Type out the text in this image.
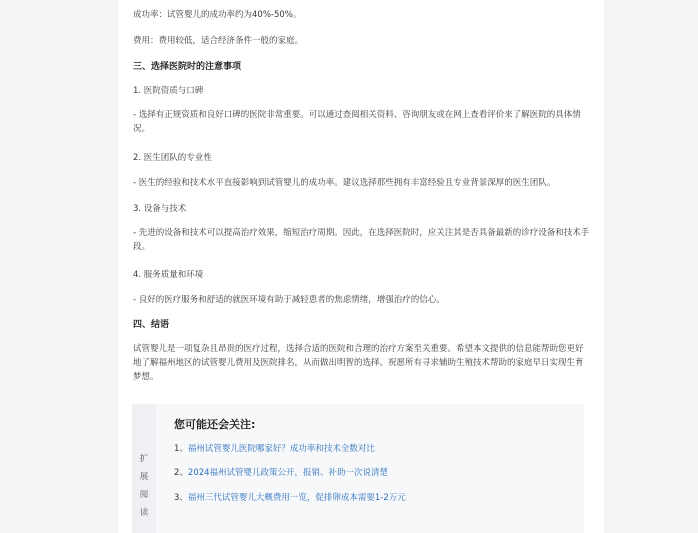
成功率：试管婴儿的成功率约为40%-50%。

费用：费用较低，适合经济条件一般的家庭。

三、选择医院时的注意事项

1. 医院资质与口碑

- 选择有正规资质和良好口碑的医院非常重要。可以通过查阅相关资料、咨询朋友或在网上查看评价来了解医院的具体情况。

2. 医生团队的专业性

- 医生的经验和技术水平直接影响到试管婴儿的成功率。建议选择那些拥有丰富经验且专业背景深厚的医生团队。

3. 设备与技术

- 先进的设备和技术可以提高治疗效果，缩短治疗周期。因此，在选择医院时，应关注其是否具备最新的诊疗设备和技术手段。

4. 服务质量和环境

- 良好的医疗服务和舒适的就医环境有助于减轻患者的焦虑情绪，增强治疗的信心。

四、结语

试管婴儿是一项复杂且昂贵的医疗过程，选择合适的医院和合理的治疗方案至关重要。希望本文提供的信息能帮助您更好地了解福州地区的试管婴儿费用及医院排名，从而做出明智的选择。祝愿所有寻求辅助生殖技术帮助的家庭早日实现生育梦想。

扩
展
阅
读
您可能还会关注:
1、福州试管婴儿医院哪家好？成功率和技术全数对比
2、2024福州试管婴儿政策公开，报销、补助一次说清楚
3、福州三代试管婴儿大概费用一览，促排卵成本需要1-2万元
